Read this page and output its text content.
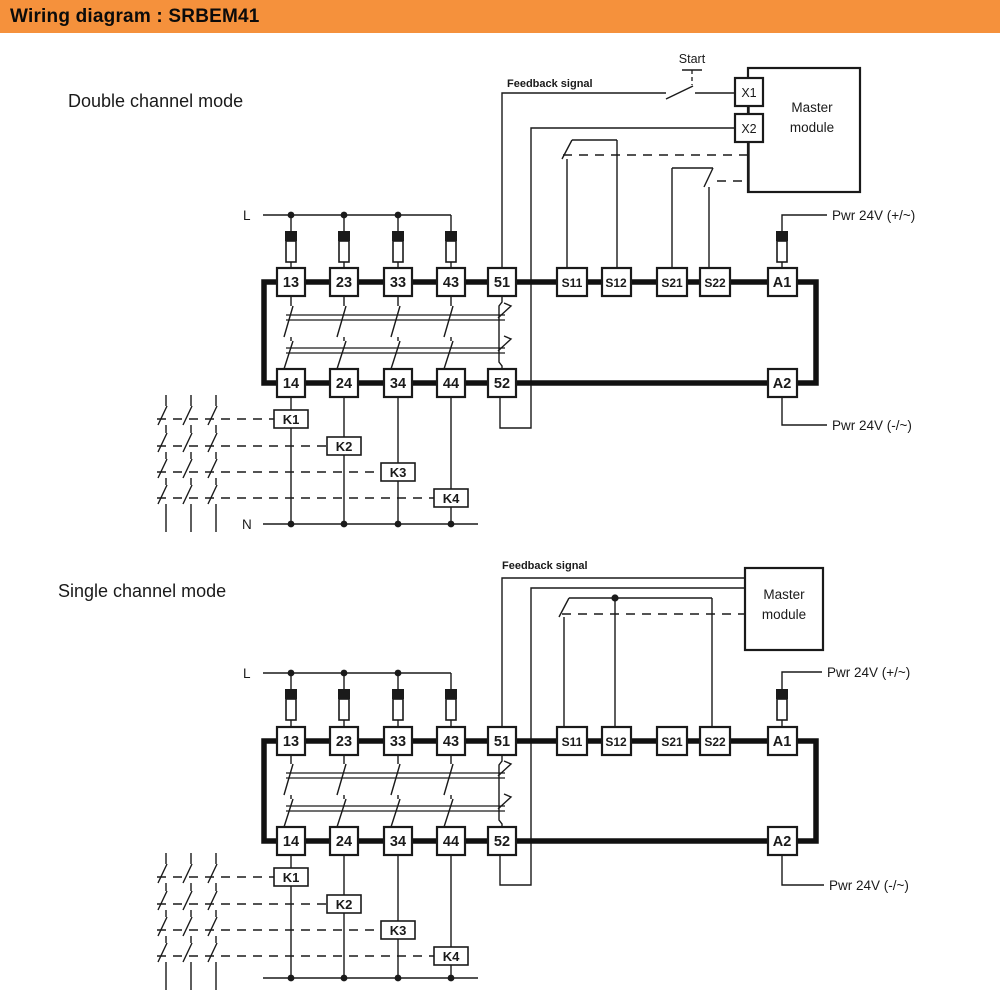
Wiring diagram : SRBEM41
Double channel mode
Feedback signal
Start
Master
module
X1
X2
L
K1
K2
K3
K4
N
Pwr 24V (+/~)
Pwr 24V (-/~)
13	23	33	43 51	S11 S12	S21 S22	A1
14	24	34	44 52	A2
Single channel mode
Feedback signal
Master
module
L
K1
K2
K3
K4
Pwr 24V (+/~)
Pwr 24V (-/~)
13	23	33	43 51	S11 S12	S21 S22	A1
14	24	34	44 52	A2
